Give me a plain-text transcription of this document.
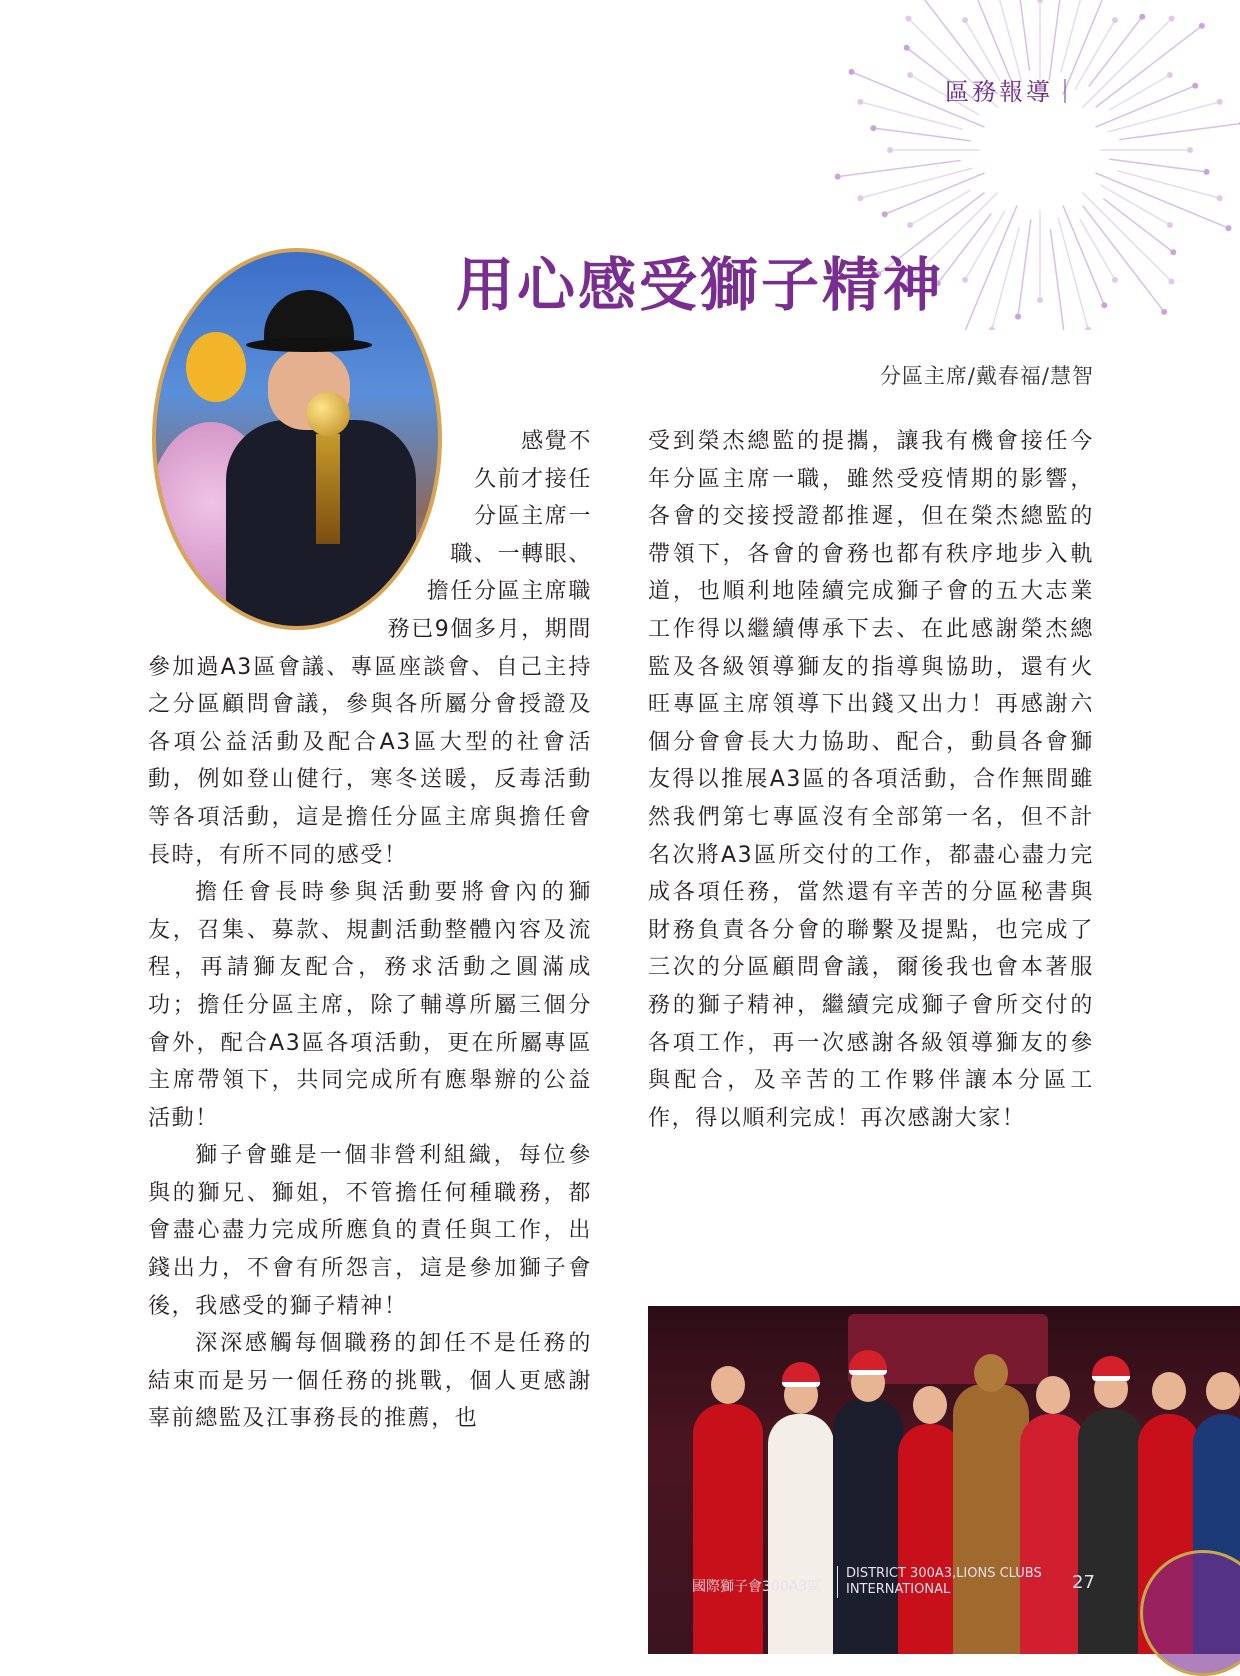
區務報導｜
用心感受獅子精神
分區主席/戴春福/慧智
感覺不
久前才接任
分區主席一
職、一轉眼、
擔任分區主席職
務已9個多月，期間

參加過A3區會議、專區座談會、自己主持之分區顧問會議，參與各所屬分會授證及各項公益活動及配合A3區大型的社會活動，例如登山健行，寒冬送暖，反毒活動等各項活動，這是擔任分區主席與擔任會長時，有所不同的感受！

擔任會長時參與活動要將會內的獅友，召集、募款、規劃活動整體內容及流程，再請獅友配合，務求活動之圓滿成功；擔任分區主席，除了輔導所屬三個分會外，配合A3區各項活動，更在所屬專區主席帶領下，共同完成所有應舉辦的公益活動！

獅子會雖是一個非營利組織，每位參與的獅兄、獅姐，不管擔任何種職務，都會盡心盡力完成所應負的責任與工作，出錢出力，不會有所怨言，這是參加獅子會後，我感受的獅子精神！

深深感觸每個職務的卸任不是任務的結束而是另一個任務的挑戰，個人更感謝辜前總監及江事務長的推薦，也

受到榮杰總監的提攜，讓我有機會接任今年分區主席一職，雖然受疫情期的影響，各會的交接授證都推遲，但在榮杰總監的帶領下，各會的會務也都有秩序地步入軌道，也順利地陸續完成獅子會的五大志業工作得以繼續傳承下去、在此感謝榮杰總監及各級領導獅友的指導與協助，還有火旺專區主席領導下出錢又出力！再感謝六個分會會長大力協助、配合，動員各會獅友得以推展A3區的各項活動，合作無間雖然我們第七專區沒有全部第一名，但不計名次將A3區所交付的工作，都盡心盡力完成各項任務，當然還有辛苦的分區秘書與財務負責各分會的聯繫及提點，也完成了三次的分區顧問會議，爾後我也會本著服務的獅子精神，繼續完成獅子會所交付的各項工作，再一次感謝各級領導獅友的參與配合，及辛苦的工作夥伴讓本分區工作，得以順利完成！再次感謝大家！

國際獅子會300A3區
DISTRICT 300A3,LIONS CLUBS
INTERNATIONAL	27
